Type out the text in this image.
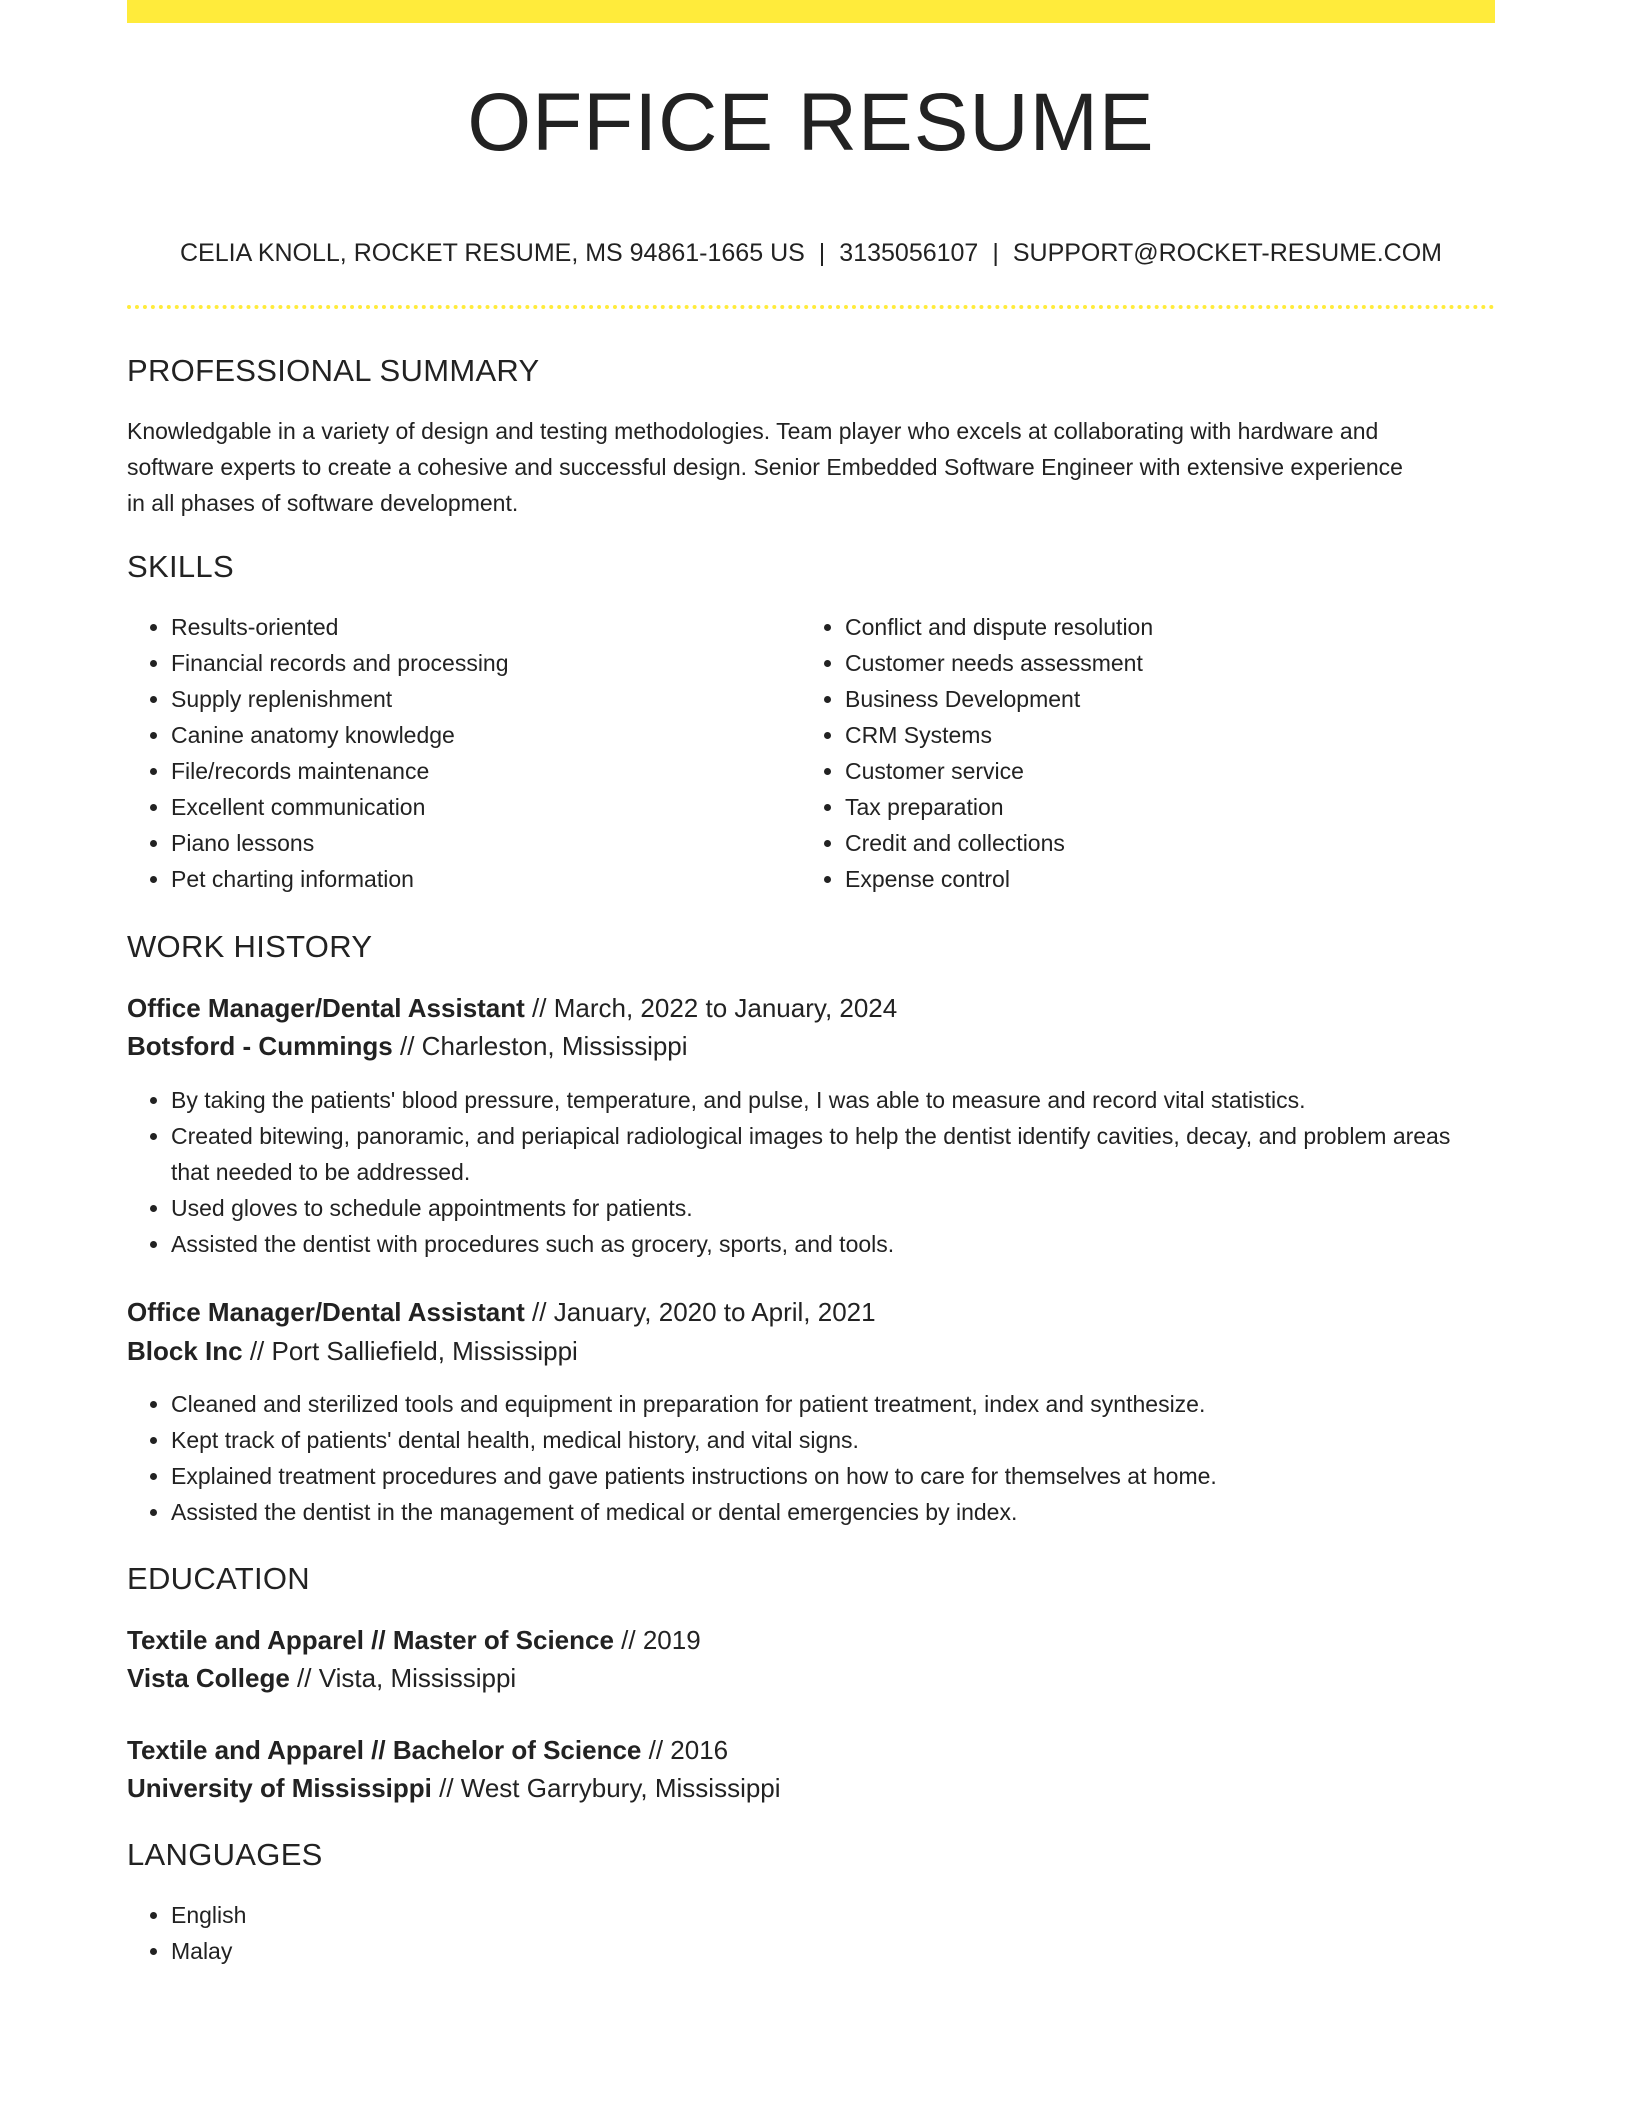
OFFICE RESUME
CELIA KNOLL, ROCKET RESUME, MS 94861-1665 US | 3135056107 | SUPPORT@ROCKET-RESUME.COM
PROFESSIONAL SUMMARY
Knowledgable in a variety of design and testing methodologies. Team player who excels at collaborating with hardware and
software experts to create a cohesive and successful design. Senior Embedded Software Engineer with extensive experience
in all phases of software development.
SKILLS
• Results-oriented
• Financial records and processing
• Supply replenishment
• Canine anatomy knowledge
• File/records maintenance
• Excellent communication
• Piano lessons
• Pet charting information
• Conflict and dispute resolution
• Customer needs assessment
• Business Development
• CRM Systems
• Customer service
• Tax preparation
• Credit and collections
• Expense control
WORK HISTORY
Office Manager/Dental Assistant // March, 2022 to January, 2024
Botsford - Cummings // Charleston, Mississippi
• By taking the patients' blood pressure, temperature, and pulse, I was able to measure and record vital statistics.
• Created bitewing, panoramic, and periapical radiological images to help the dentist identify cavities, decay, and problem areas that needed to be addressed.
• Used gloves to schedule appointments for patients.
• Assisted the dentist with procedures such as grocery, sports, and tools.
Office Manager/Dental Assistant // January, 2020 to April, 2021
Block Inc // Port Salliefield, Mississippi
• Cleaned and sterilized tools and equipment in preparation for patient treatment, index and synthesize.
• Kept track of patients' dental health, medical history, and vital signs.
• Explained treatment procedures and gave patients instructions on how to care for themselves at home.
• Assisted the dentist in the management of medical or dental emergencies by index.
EDUCATION
Textile and Apparel // Master of Science // 2019
Vista College // Vista, Mississippi
Textile and Apparel // Bachelor of Science // 2016
University of Mississippi // West Garrybury, Mississippi
LANGUAGES
• English
• Malay
